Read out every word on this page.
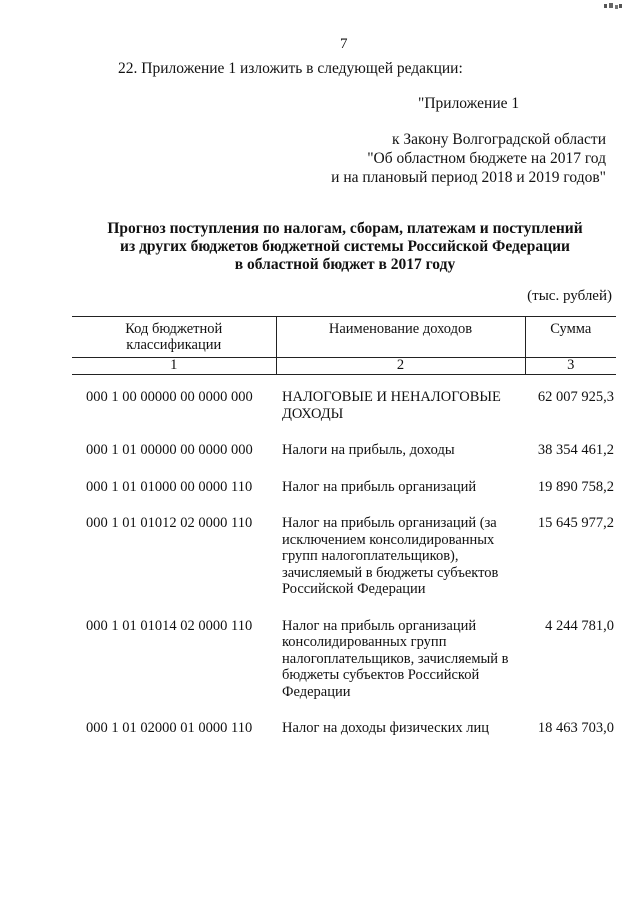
7
22. Приложение 1 изложить в следующей редакции:
"Приложение 1
к Закону Волгоградской области
"Об областном бюджете на 2017 год
и на плановый период 2018 и 2019 годов"
Прогноз поступления по налогам, сборам, платежам и поступлений
из других бюджетов бюджетной системы Российской Федерации
в областной бюджет в 2017 году
(тыс. рублей)
Код бюджетной классификации	Наименование доходов	Сумма
1	2	3

000 1 00 00000 00 0000 000	НАЛОГОВЫЕ И НЕНАЛОГОВЫЕ ДОХОДЫ	62 007 925,3

000 1 01 00000 00 0000 000	Налоги на прибыль, доходы	38 354 461,2

000 1 01 01000 00 0000 110	Налог на прибыль организаций	19 890 758,2

000 1 01 01012 02 0000 110	Налог на прибыль организаций (за исключением консолидированных групп налогоплательщиков), зачисляемый в бюджеты субъектов Российской Федерации	15 645 977,2

000 1 01 01014 02 0000 110	Налог на прибыль организаций консолидированных групп налогоплательщиков, зачисляемый в бюджеты субъектов Российской Федерации	4 244 781,0

000 1 01 02000 01 0000 110	Налог на доходы физических лиц	18 463 703,0
